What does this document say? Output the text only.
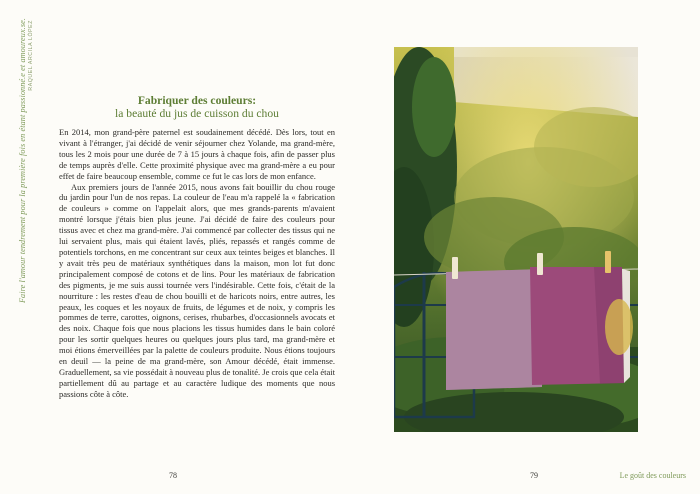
Faire l'amour tendrement pour la première fois en étant passionné.e et amoureux.se. RAQUEL ARCILA LÓPEZ
Fabriquer des couleurs:
la beauté du jus de cuisson du chou

En 2014, mon grand-père paternel est soudainement décédé. Dès lors, tout en vivant à l'étranger, j'ai décidé de venir séjourner chez Yolande, ma grand-mère, tous les 2 mois pour une durée de 7 à 15 jours à chaque fois, afin de passer plus de temps auprès d'elle. Cette proximité physique avec ma grand-mère a eu pour effet de faire beaucoup ensemble, comme ce fut le cas lors de mon enfance.

Aux premiers jours de l'année 2015, nous avons fait bouillir du chou rouge du jardin pour l'un de nos repas. La couleur de l'eau m'a rappelé la « fabrication de couleurs » comme on l'appelait alors, que mes grands-parents m'avaient montré lorsque j'étais bien plus jeune. J'ai décidé de faire des couleurs pour tissus avec et chez ma grand-mère. J'ai commencé par collecter des tissus qui ne lui servaient plus, mais qui étaient lavés, pliés, repassés et rangés comme de potentiels torchons, en me concentrant sur ceux aux teintes beiges et blanches. Il y avait très peu de matériaux synthétiques dans la maison, mon lot fut donc principalement composé de cotons et de lins. Pour les matériaux de fabrication des pigments, je me suis aussi tournée vers l'indésirable. Cette fois, c'était de la nourriture : les restes d'eau de chou bouilli et de haricots noirs, entre autres, les peaux, les coques et les noyaux de fruits, de légumes et de noix, y compris les pommes de terre, carottes, oignons, cerises, rhubarbes, d'occasionnels avocats et des noix. Chaque fois que nous placions les tissus humides dans le bain coloré pour les sortir quelques heures ou quelques jours plus tard, ma grand-mère et moi étions émerveillées par la palette de couleurs produite. Nous étions toujours en deuil — la peine de ma grand-mère, son Amour décédé, était immense. Graduellement, sa vie possédait à nouveau plus de tonalité. Je crois que cela était partiellement dû au partage et au caractère ludique des moments que nous passions côte à côte.

78	79	Le goût des couleurs
